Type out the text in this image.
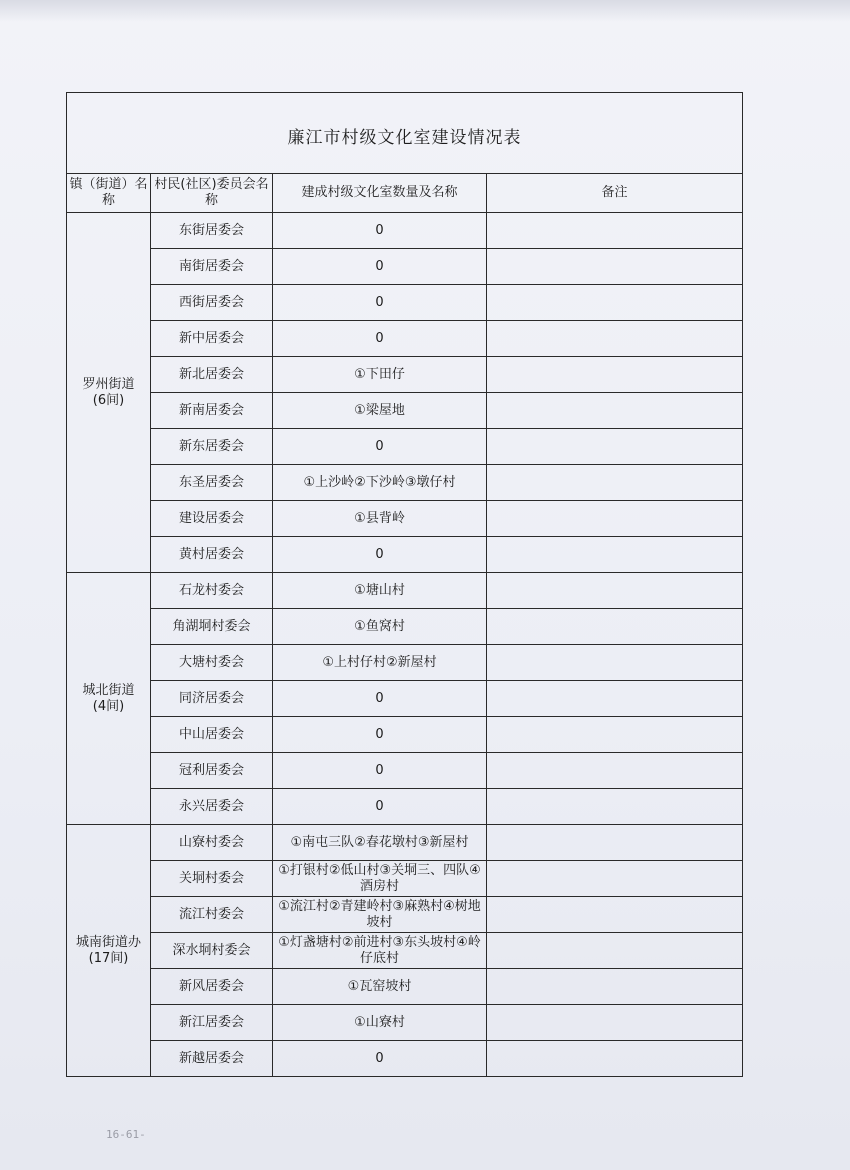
廉江市村级文化室建设情况表			
镇（街道）名称	村民(社区)委员会名称	建成村级文化室数量及名称	备注

罗州街道
(6间)	东街居委会	0	
	南街居委会	0	
	西街居委会	0	
	新中居委会	0	
	新北居委会	①下田仔	
	新南居委会	①梁屋地	
	新东居委会	0	
	东圣居委会	①上沙岭②下沙岭③墩仔村	
	建设居委会	①县背岭	
	黄村居委会	0	

城北街道
(4间)	石龙村委会	①塘山村	
	角湖垌村委会	①鱼窝村	
	大塘村委会	①上村仔村②新屋村	
	同济居委会	0	
	中山居委会	0	
	冠利居委会	0	
	永兴居委会	0	

城南街道办
(17间)	山寮村委会	①南屯三队②春花墩村③新屋村	
	关垌村委会	①打银村②低山村③关垌三、四队④酒房村	
	流江村委会	①流江村②青建岭村③麻熟村④树地坡村	
	深水垌村委会	①灯盏塘村②前进村③东头坡村④岭仔底村	
	新风居委会	①瓦窑坡村	
	新江居委会	①山寮村	
	新越居委会	0	
16-61-
